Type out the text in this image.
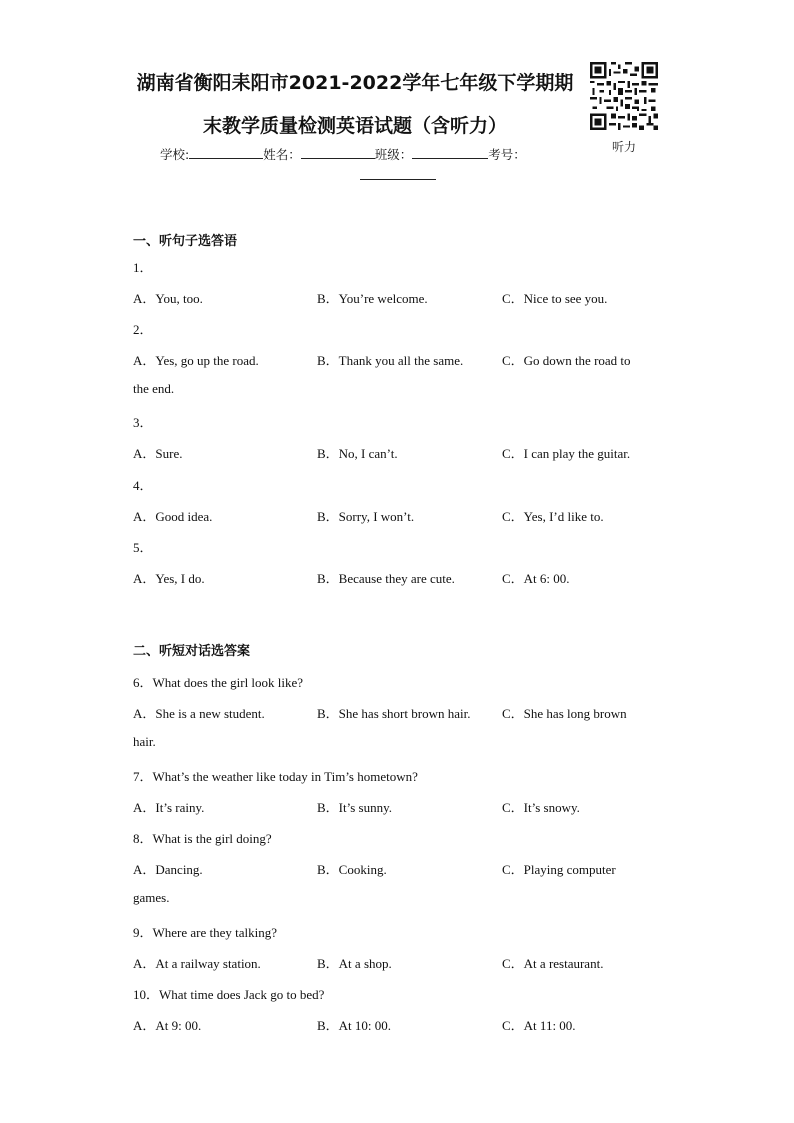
湖南省衡阳耒阳市2021-2022学年七年级下学期期
末教学质量检测英语试题（含听力）
听力
学校:	姓名：	班级：	考号：
一、听句子选答语
1．
A．You, too.	B．You’re welcome.	C．Nice to see you.
2．
A．Yes, go up the road.	B．Thank you all the same.	C．Go down the road to
the end.
3．
A．Sure.	B．No, I can’t.	C．I can play the guitar.
4．
A．Good idea.	B．Sorry, I won’t.	C．Yes, I’d like to.
5．
A．Yes, I do.	B．Because they are cute.	C．At 6: 00.
二、听短对话选答案
6．What does the girl look like?
A．She is a new student.	B．She has short brown hair. C．She has long brown
hair.
7．What’s the weather like today in Tim’s hometown?
A．It’s rainy.	B．It’s sunny.	C．It’s snowy.
8．What is the girl doing?
A．Dancing.	B．Cooking.	C．Playing computer
games.
9．Where are they talking?
A．At a railway station.	B．At a shop.	C．At a restaurant.
10．What time does Jack go to bed?
A．At 9: 00.	B．At 10: 00.	C．At 11: 00.
